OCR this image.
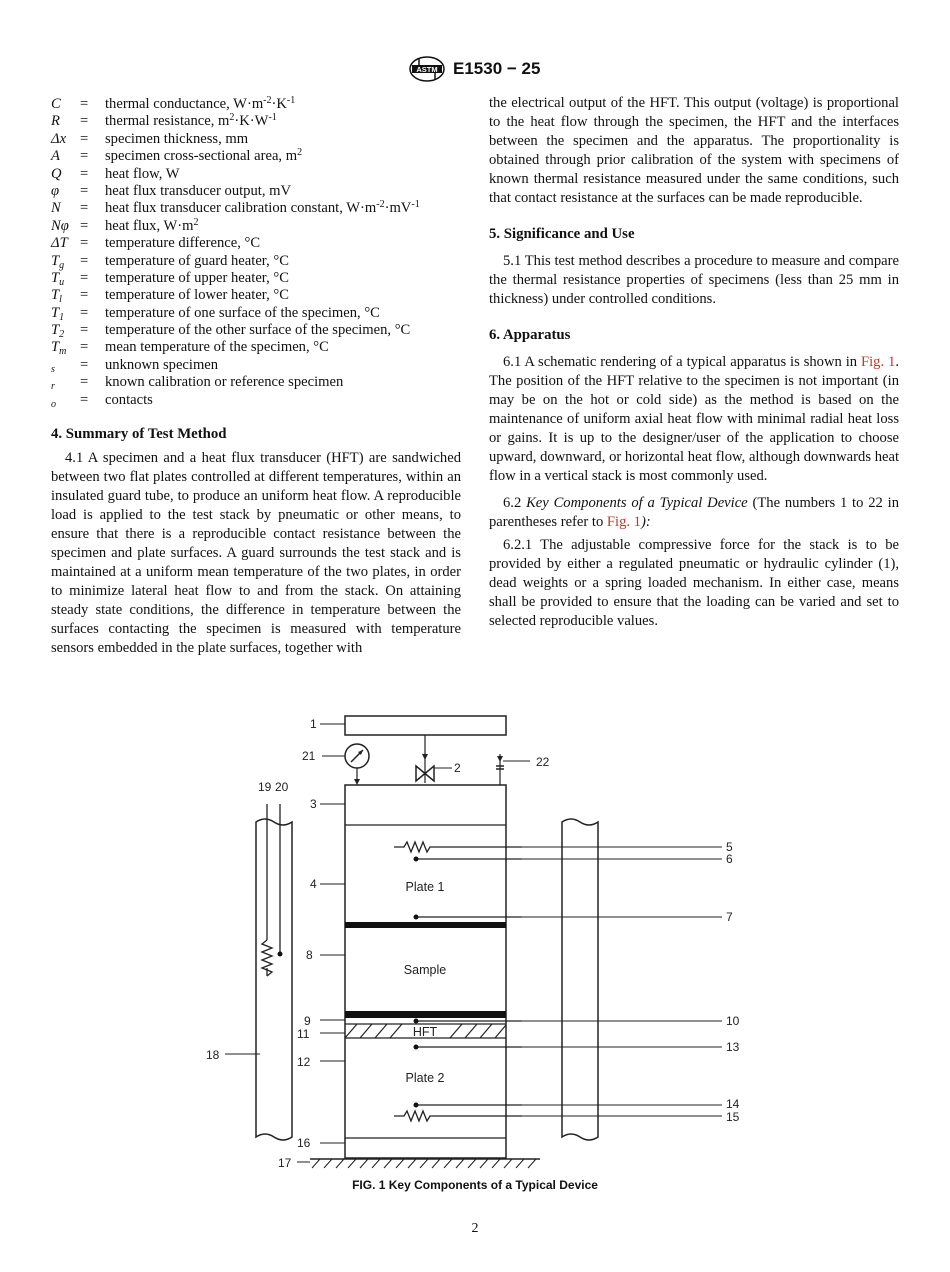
ASTM E1530 − 25
C	=	thermal conductance, $W\cdot m^{-2}\cdot K^{-1}$
R	=	thermal resistance, $m^2\cdot K\cdot W^{-1}$
Δx =	specimen thickness, mm
A	=	specimen cross-sectional area, $m^2$
Q	=	heat flow, W
φ	=	heat flux transducer output, mV
N	=	heat flux transducer calibration constant, $W\cdot m^{-2}\cdot mV^{-1}$
Nφ =	heat flux, $W\cdot m^2$
ΔT =	temperature difference, °C
$T_g$	=	temperature of guard heater, °C
$T_u$	=	temperature of upper heater, °C
$T_l$	=	temperature of lower heater, °C
$T_1$	=	temperature of one surface of the specimen, °C
$T_2$	=	temperature of the other surface of the specimen, °C
$T_m$ =	mean temperature of the specimen, °C
$_s$	=	unknown specimen
$_r$	=	known calibration or reference specimen
$_o$	=	contacts
4. Summary of Test Method

4.1 A specimen and a heat flux transducer (HFT) are sandwiched between two flat plates controlled at different temperatures, within an insulated guard tube, to produce an uniform heat flow. A reproducible load is applied to the test stack by pneumatic or other means, to ensure that there is a reproducible contact resistance between the specimen and plate surfaces. A guard surrounds the test stack and is maintained at a uniform mean temperature of the two plates, in order to minimize lateral heat flow to and from the stack. On attaining steady state conditions, the difference in temperature between the surfaces contacting the specimen is measured with temperature sensors embedded in the plate surfaces, together with

the electrical output of the HFT. This output (voltage) is proportional to the heat flow through the specimen, the HFT and the interfaces between the specimen and the apparatus. The proportionality is obtained through prior calibration of the system with specimens of known thermal resistance measured under the same conditions, such that contact resistance at the surfaces can be made reproducible.

5. Significance and Use

5.1 This test method describes a procedure to measure and compare the thermal resistance properties of specimens (less than 25 mm in thickness) under controlled conditions.

6. Apparatus

6.1 A schematic rendering of a typical apparatus is shown in Fig. 1. The position of the HFT relative to the specimen is not important (in may be on the hot or cold side) as the method is based on the maintenance of uniform axial heat flow with minimal radial heat loss or gains. It is up to the designer/user of the application to choose upward, downward, or horizontal heat flow, although downwards heat flow in a vertical stack is most commonly used.

6.2 Key Components of a Typical Device (The numbers 1 to 22 in parentheses refer to Fig. 1):

6.2.1 The adjustable compressive force for the stack is to be provided by either a regulated pneumatic or hydraulic cylinder (1), dead weights or a spring loaded mechanism. In either case, means shall be provided to ensure that the loading can be varied and set to selected reproducible values.

Plate 1
Sample
HFT
Plate 2
1
21
2	22
19 20
3
4
8
9
11
12
16
17
18
5
6
7
10
13
14
15
FIG. 1 Key Components of a Typical Device
2
